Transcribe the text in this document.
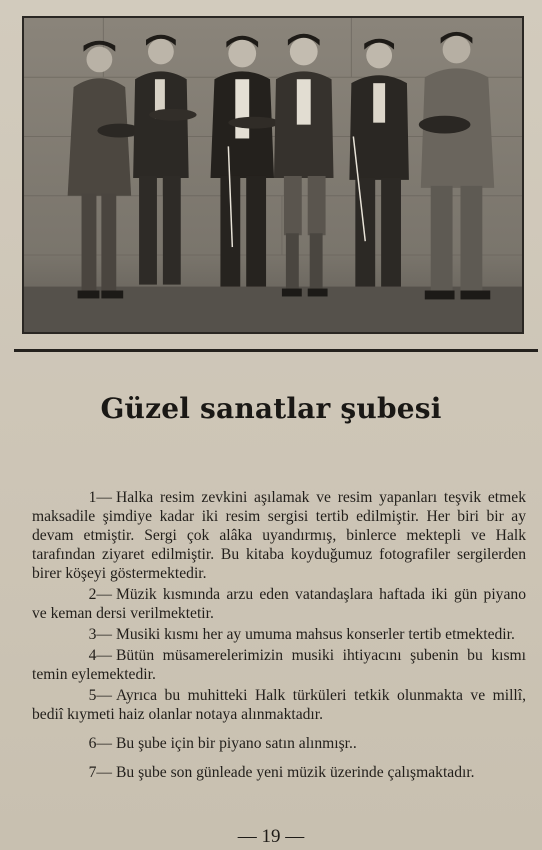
Güzel sanatlar şubesi

1— Halka resim zevkini aşılamak ve resim yapanları teşvik etmek maksadile şimdiye kadar iki resim sergisi tertib edilmiştir. Her biri bir ay devam etmiştir. Sergi çok alâka uyandırmış, binlerce mektepli ve Halk tarafından ziyaret edilmiştir. Bu kitaba koyduğumuz fotografiler sergilerden birer köşeyi göstermektedir.

2— Müzik kısmında arzu eden vatandaşlara haftada iki gün piyano ve keman dersi verilmektetir.

3— Musiki kısmı her ay umuma mahsus konserler tertib etmektedir.

4— Bütün müsamerelerimizin musiki ihtiyacını şubenin bu kısmı temin eylemektedir.

5— Ayrıca bu muhitteki Halk türküleri tetkik olunmakta ve millî, bediî kıymeti haiz olanlar notaya alınmaktadır.

6— Bu şube için bir piyano satın alınmışr..

7— Bu şube son günleade yeni müzik üzerinde çalışmaktadır.

— 19 —
